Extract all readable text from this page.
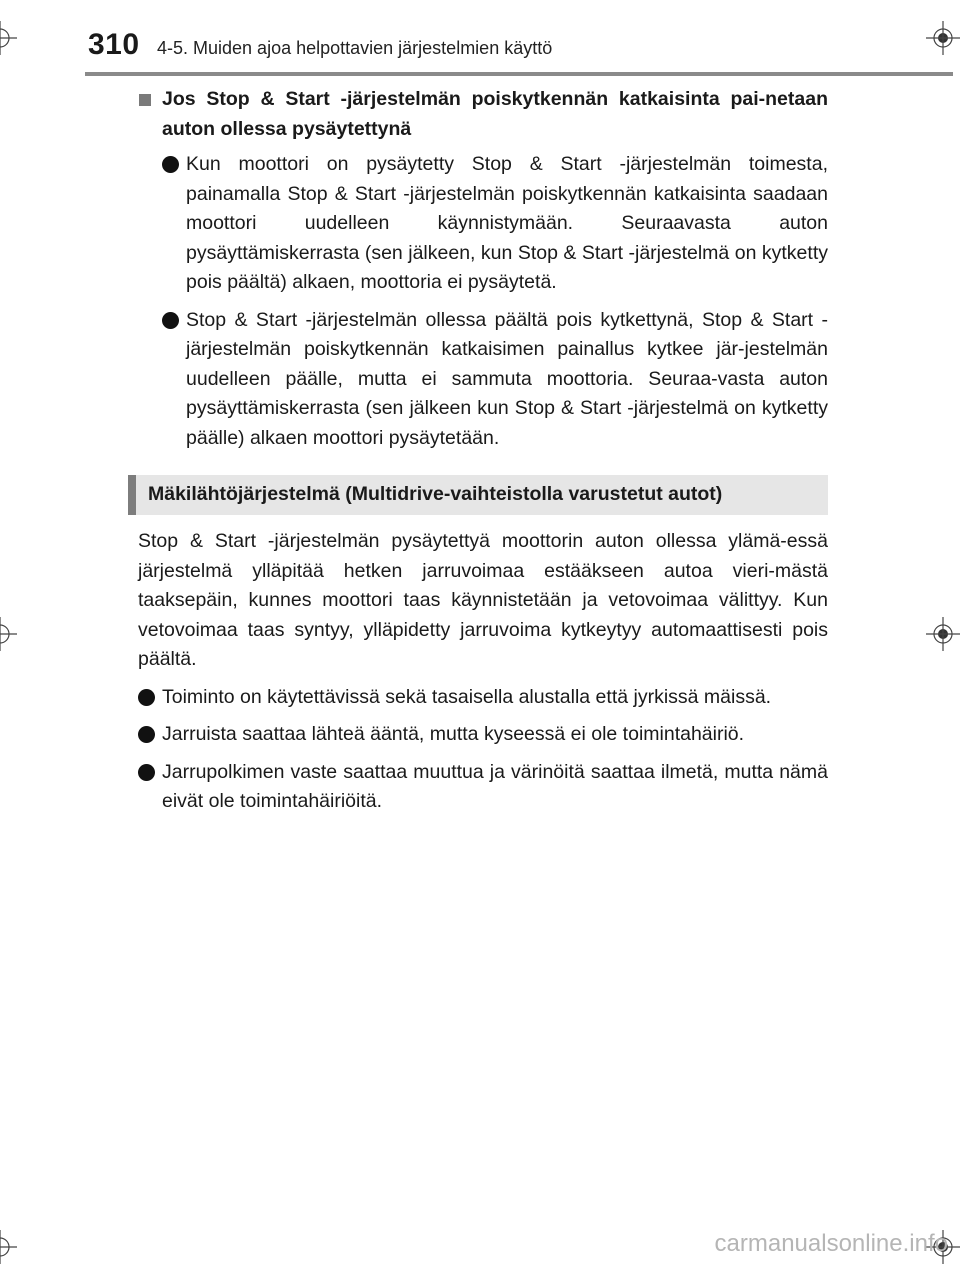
310 4-5. Muiden ajoa helpottavien järjestelmien käyttö
Jos Stop & Start -järjestelmän poiskytkennän katkaisinta pai-netaan auton ollessa pysäytettynä
Kun moottori on pysäytetty Stop & Start -järjestelmän toimesta, painamalla Stop & Start -järjestelmän poiskytkennän katkaisinta saadaan moottori uudelleen käynnistymään. Seuraavasta auton pysäyttämiskerrasta (sen jälkeen, kun Stop & Start -järjestelmä on kytketty pois päältä) alkaen, moottoria ei pysäytetä.
Stop & Start -järjestelmän ollessa päältä pois kytkettynä, Stop & Start -järjestelmän poiskytkennän katkaisimen painallus kytkee jär-jestelmän uudelleen päälle, mutta ei sammuta moottoria. Seuraa-vasta auton pysäyttämiskerrasta (sen jälkeen kun Stop & Start -järjestelmä on kytketty päälle) alkaen moottori pysäytetään.
Mäkilähtöjärjestelmä (Multidrive-vaihteistolla varustetut autot)

Stop & Start -järjestelmän pysäytettyä moottorin auton ollessa ylämä-essä järjestelmä ylläpitää hetken jarruvoimaa estääkseen autoa vieri-mästä taaksepäin, kunnes moottori taas käynnistetään ja vetovoimaa välittyy. Kun vetovoimaa taas syntyy, ylläpidetty jarruvoima kytkeytyy automaattisesti pois päältä.

Toiminto on käytettävissä sekä tasaisella alustalla että jyrkissä mäissä.
Jarruista saattaa lähteä ääntä, mutta kyseessä ei ole toimintahäiriö.
Jarrupolkimen vaste saattaa muuttua ja värinöitä saattaa ilmetä, mutta nämä eivät ole toimintahäiriöitä.
carmanualsonline.info
